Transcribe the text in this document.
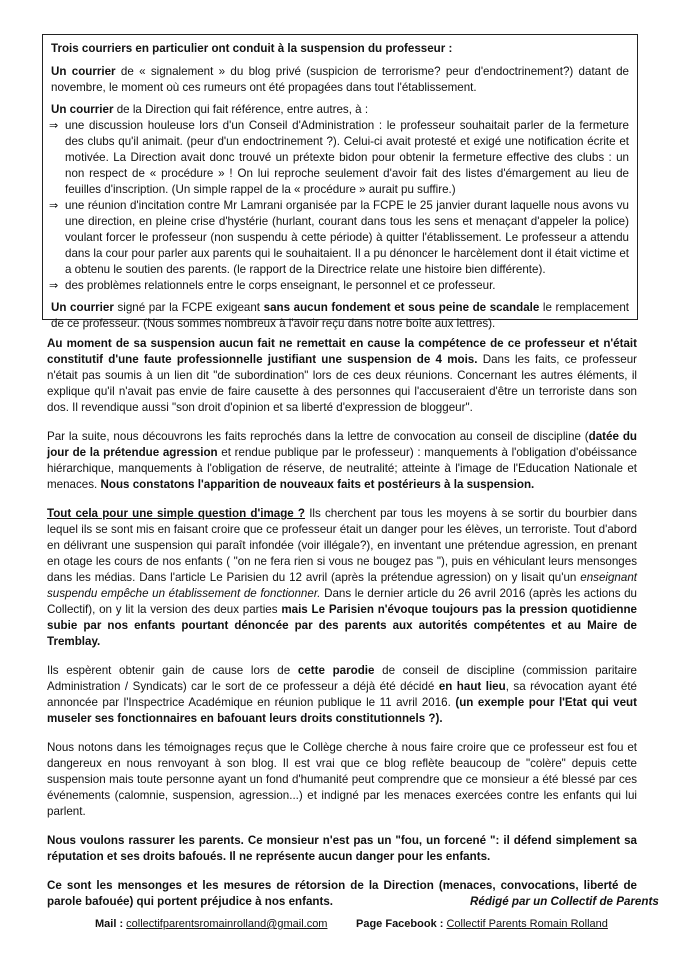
Trois courriers en particulier ont conduit à la suspension du professeur :

Un courrier de « signalement » du blog privé (suspicion de terrorisme? peur d'endoctrinement?) datant de novembre, le moment où ces rumeurs ont été propagées dans tout l'établissement.

Un courrier de la Direction qui fait référence, entre autres, à :

⇒ une discussion houleuse lors d'un Conseil d'Administration : le professeur souhaitait parler de la fermeture des clubs qu'il animait. (peur d'un endoctrinement ?). Celui-ci avait protesté et exigé une notification écrite et motivée. La Direction avait donc trouvé un prétexte bidon pour obtenir la fermeture effective des clubs : un non respect de « procédure » ! On lui reproche seulement d'avoir fait des listes d'émargement au lieu de feuilles d'inscription. (Un simple rappel de la « procédure » aurait pu suffire.)
⇒ une réunion d'incitation contre Mr Lamrani organisée par la FCPE le 25 janvier durant laquelle nous avons vu une direction, en pleine crise d'hystérie (hurlant, courant dans tous les sens et menaçant d'appeler la police) voulant forcer le professeur (non suspendu à cette période) à quitter l'établissement. Le professeur a attendu dans la cour pour parler aux parents qui le souhaitaient. Il a pu dénoncer le harcèlement dont il était victime et a obtenu le soutien des parents. (le rapport de la Directrice relate une histoire bien différente).
⇒ des problèmes relationnels entre le corps enseignant, le personnel et ce professeur.

Un courrier signé par la FCPE exigeant sans aucun fondement et sous peine de scandale le remplacement de ce professeur. (Nous sommes nombreux à l'avoir reçu dans notre boîte aux lettres).

Au moment de sa suspension aucun fait ne remettait en cause la compétence de ce professeur et n'était constitutif d'une faute professionnelle justifiant une suspension de 4 mois. Dans les faits, ce professeur n'était pas soumis à un lien dit "de subordination" lors de ces deux réunions. Concernant les autres éléments, il explique qu'il n'avait pas envie de faire causette à des personnes qui l'accuseraient d'être un terroriste dans son dos. Il revendique aussi "son droit d'opinion et sa liberté d'expression de bloggeur".

Par la suite, nous découvrons les faits reprochés dans la lettre de convocation au conseil de discipline (datée du jour de la prétendue agression et rendue publique par le professeur) : manquements à l'obligation d'obéissance hiérarchique, manquements à l'obligation de réserve, de neutralité; atteinte à l'image de l'Education Nationale et menaces. Nous constatons l'apparition de nouveaux faits et postérieurs à la suspension.

Tout cela pour une simple question d'image ? Ils cherchent par tous les moyens à se sortir du bourbier dans lequel ils se sont mis en faisant croire que ce professeur était un danger pour les élèves, un terroriste. Tout d'abord en délivrant une suspension qui paraît infondée (voir illégale?), en inventant une prétendue agression, en prenant en otage les cours de nos enfants ( "on ne fera rien si vous ne bougez pas "), puis en véhiculant leurs mensonges dans les médias. Dans l'article Le Parisien du 12 avril (après la prétendue agression) on y lisait qu'un enseignant suspendu empêche un établissement de fonctionner. Dans le dernier article du 26 avril 2016 (après les actions du Collectif), on y lit la version des deux parties mais Le Parisien n'évoque toujours pas la pression quotidienne subie par nos enfants pourtant dénoncée par des parents aux autorités compétentes et au Maire de Tremblay.

Ils espèrent obtenir gain de cause lors de cette parodie de conseil de discipline (commission paritaire Administration / Syndicats) car le sort de ce professeur a déjà été décidé en haut lieu, sa révocation ayant été annoncée par l'Inspectrice Académique en réunion publique le 11 avril 2016. (un exemple pour l'Etat qui veut museler ses fonctionnaires en bafouant leurs droits constitutionnels ?).

Nous notons dans les témoignages reçus que le Collège cherche à nous faire croire que ce professeur est fou et dangereux en nous renvoyant à son blog. Il est vrai que ce blog reflète beaucoup de "colère" depuis cette suspension mais toute personne ayant un fond d'humanité peut comprendre que ce monsieur a été blessé par ces événements (calomnie, suspension, agression...) et indigné par les menaces exercées contre les enfants qui lui parlent.

Nous voulons rassurer les parents. Ce monsieur n'est pas un "fou, un forcené ": il défend simplement sa réputation et ses droits bafoués. Il ne représente aucun danger pour les enfants.

Ce sont les mensonges et les mesures de rétorsion de la Direction (menaces, convocations, liberté de parole bafouée) qui portent préjudice à nos enfants.	Rédigé par un Collectif de Parents
Mail : collectifparentsromainrolland@gmail.com	Page Facebook : Collectif Parents Romain Rolland
